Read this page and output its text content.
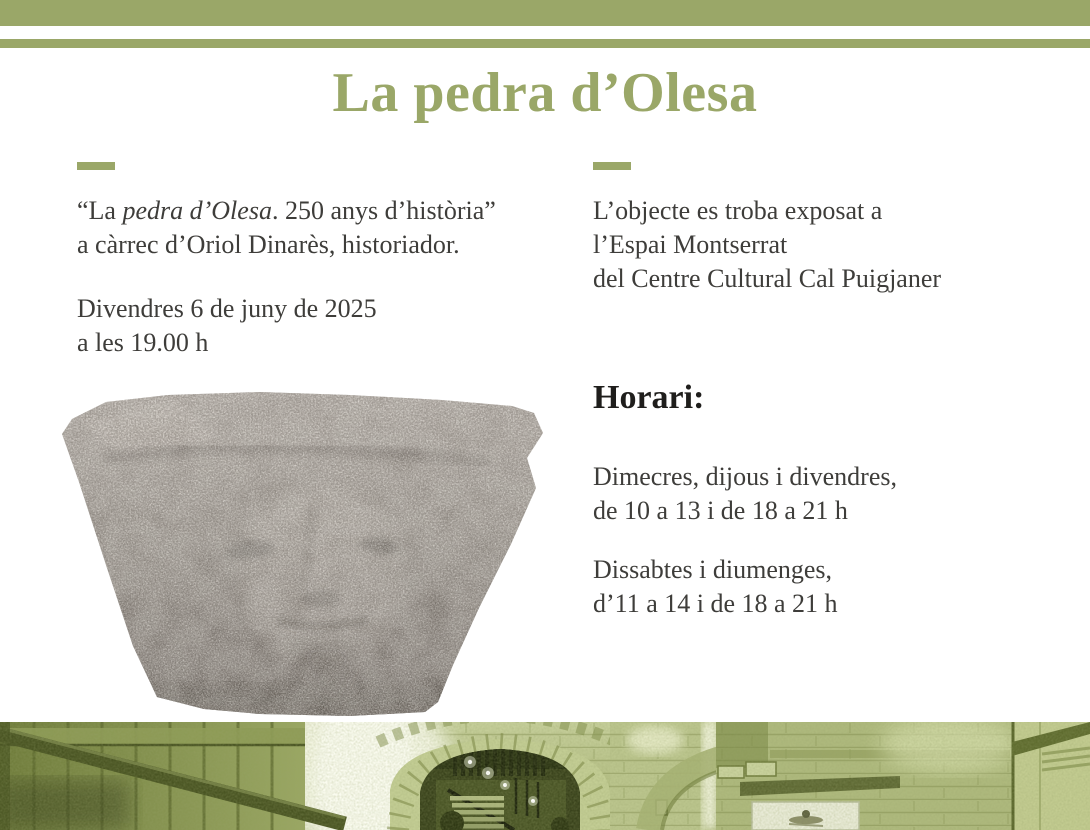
La pedra d’Olesa

“La pedra d’Olesa. 250 anys d’història”
a càrrec d’Oriol Dinarès, historiador.

Divendres 6 de juny de 2025
a les 19.00 h

L’objecte es troba exposat a
l’Espai Montserrat
del Centre Cultural Cal Puigjaner

Horari:

Dimecres, dijous i divendres,
de 10 a 13 i de 18 a 21 h

Dissabtes i diumenges,
d’11 a 14 i de 18 a 21 h
